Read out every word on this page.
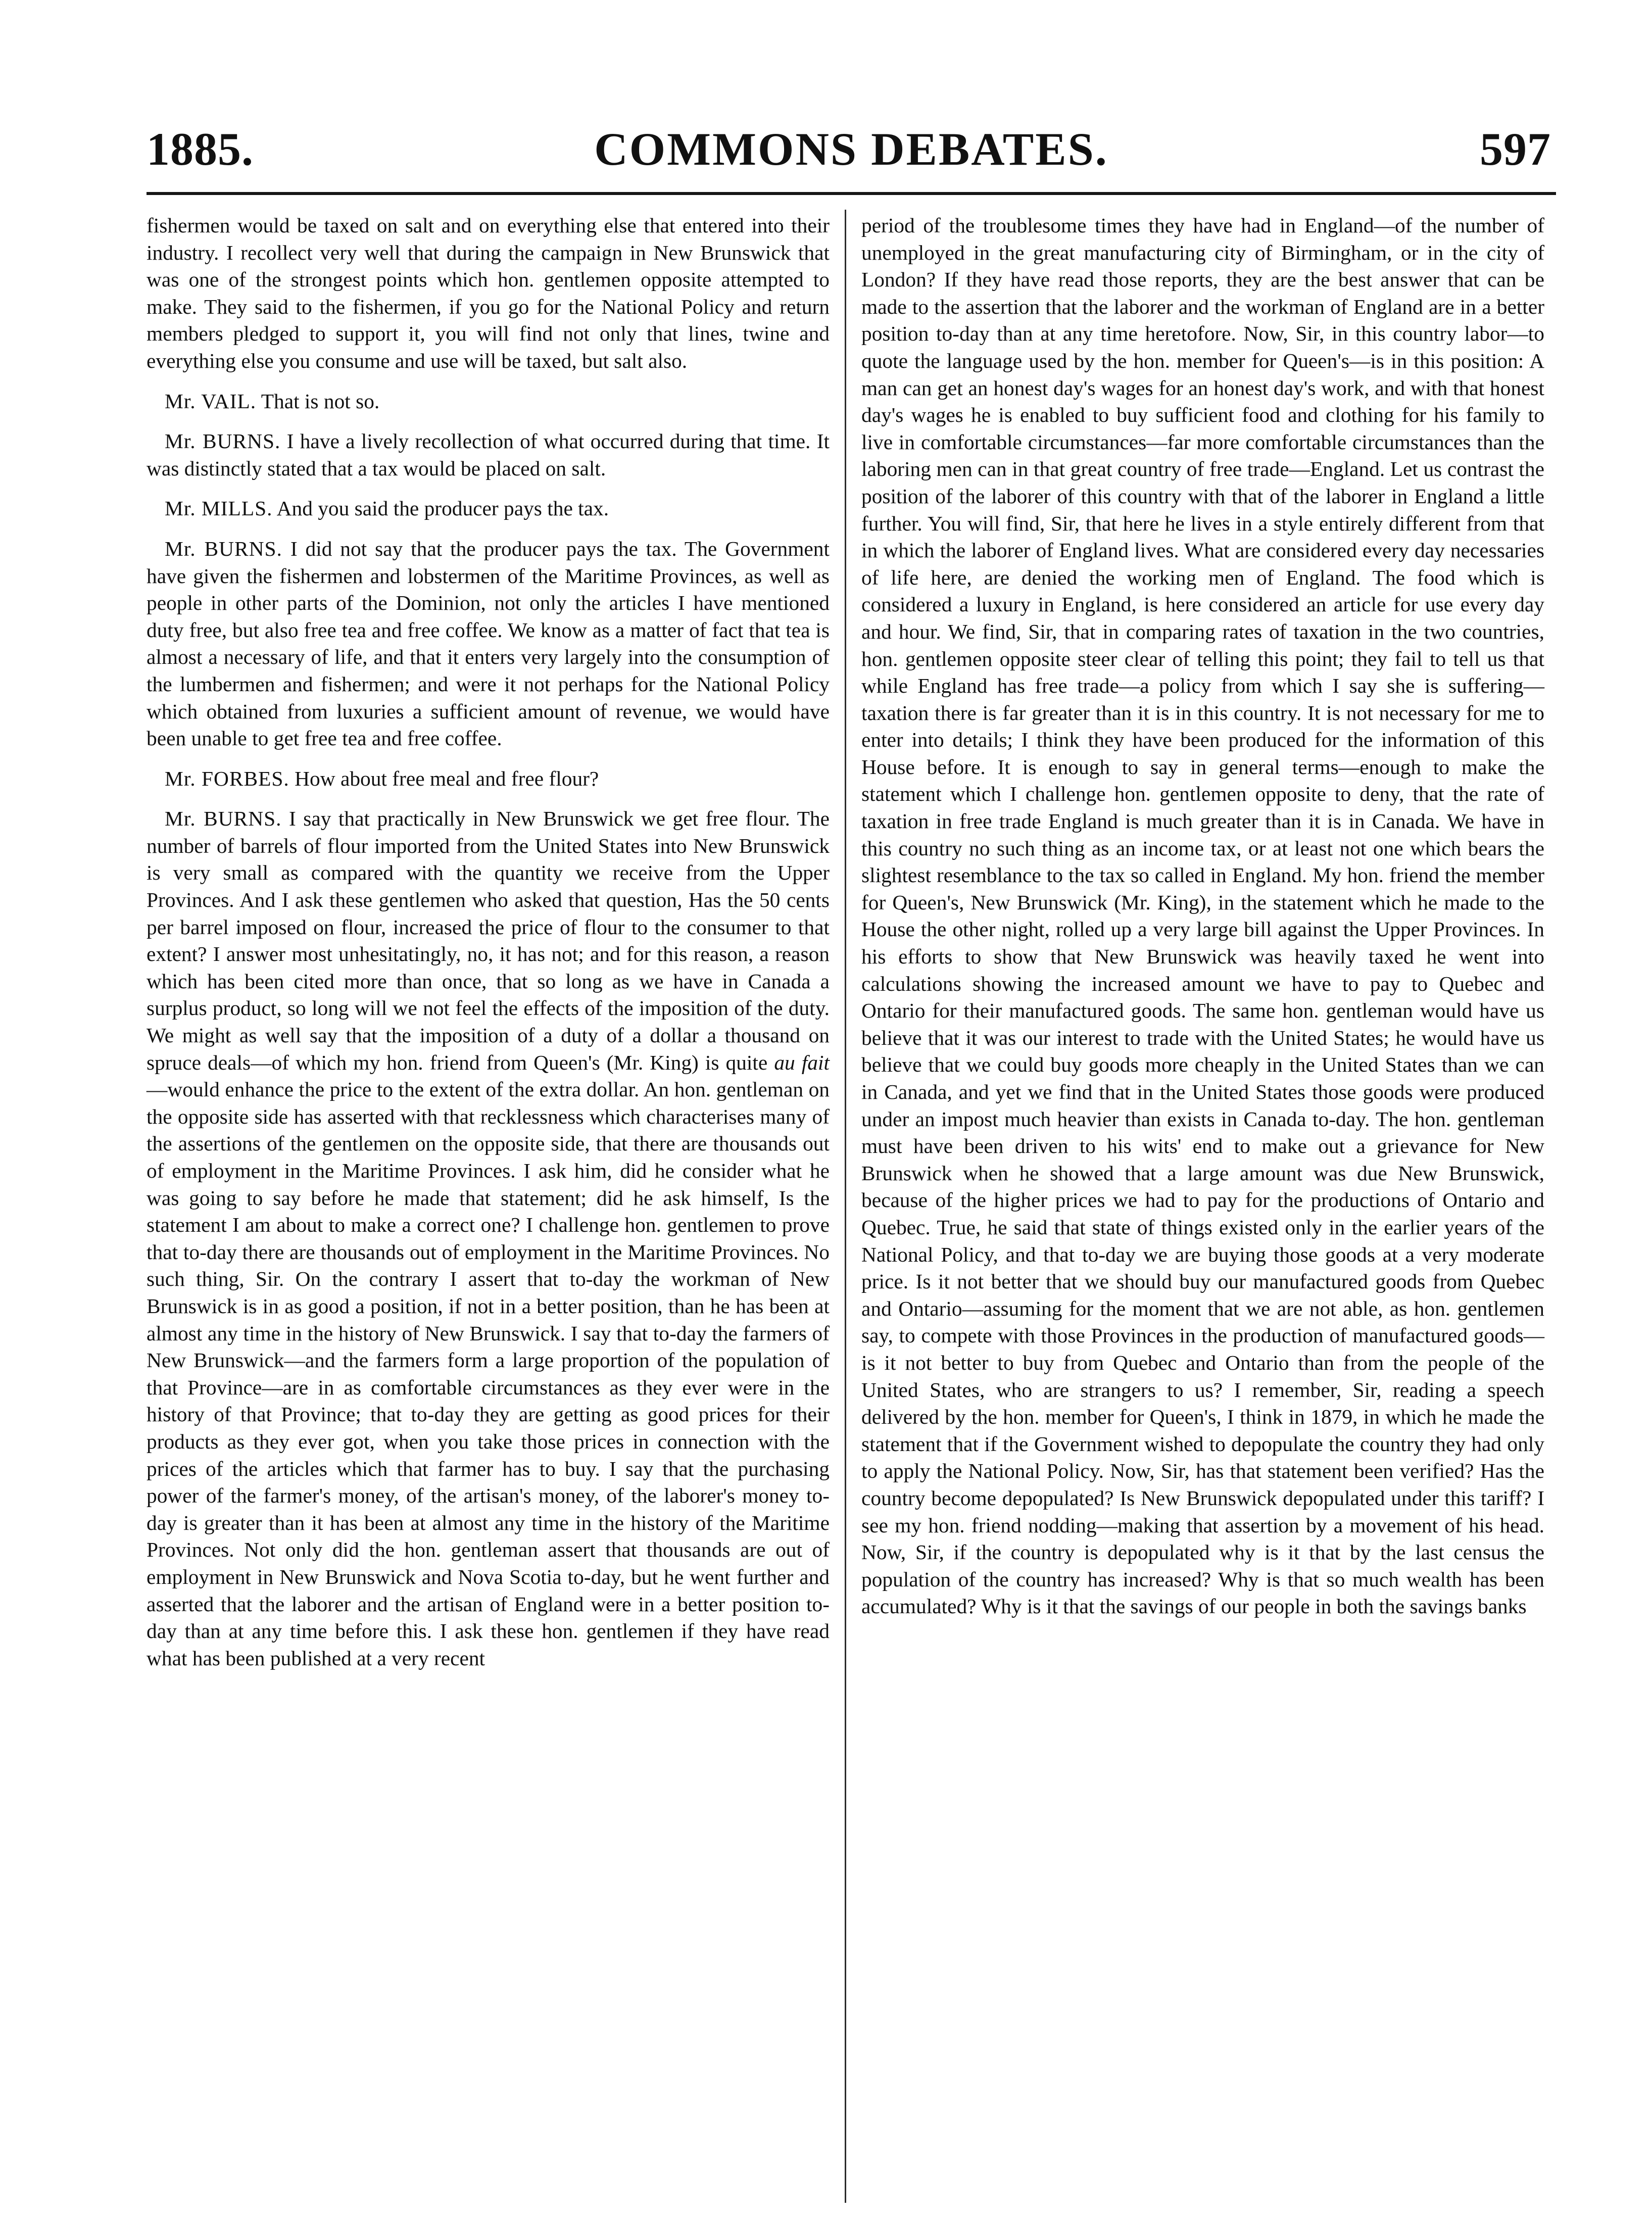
1885.	COMMONS DEBATES.	597

fishermen would be taxed on salt and on everything else that entered into their industry. I recollect very well that during the campaign in New Brunswick that was one of the strongest points which hon. gentlemen opposite attempted to make. They said to the fishermen, if you go for the National Policy and return members pledged to support it, you will find not only that lines, twine and everything else you consume and use will be taxed, but salt also.

Mr. VAIL. That is not so.

Mr. BURNS. I have a lively recollection of what occurred during that time. It was distinctly stated that a tax would be placed on salt.

Mr. MILLS. And you said the producer pays the tax.

Mr. BURNS. I did not say that the producer pays the tax. The Government have given the fishermen and lobstermen of the Maritime Provinces, as well as people in other parts of the Dominion, not only the articles I have mentioned duty free, but also free tea and free coffee. We know as a matter of fact that tea is almost a necessary of life, and that it enters very largely into the consumption of the lumbermen and fishermen; and were it not perhaps for the National Policy which obtained from luxuries a sufficient amount of revenue, we would have been unable to get free tea and free coffee.

Mr. FORBES. How about free meal and free flour?

Mr. BURNS. I say that practically in New Brunswick we get free flour. The number of barrels of flour imported from the United States into New Brunswick is very small as compared with the quantity we receive from the Upper Provinces. And I ask these gentlemen who asked that question, Has the 50 cents per barrel imposed on flour, increased the price of flour to the consumer to that extent? I answer most unhesitatingly, no, it has not; and for this reason, a reason which has been cited more than once, that so long as we have in Canada a surplus product, so long will we not feel the effects of the imposition of the duty. We might as well say that the imposition of a duty of a dollar a thousand on spruce deals—of which my hon. friend from Queen's (Mr. King) is quite au fait—would enhance the price to the extent of the extra dollar. An hon. gentleman on the opposite side has asserted with that recklessness which characterises many of the assertions of the gentlemen on the opposite side, that there are thousands out of employment in the Maritime Provinces. I ask him, did he consider what he was going to say before he made that statement; did he ask himself, Is the statement I am about to make a correct one? I challenge hon. gentlemen to prove that to-day there are thousands out of employment in the Maritime Provinces. No such thing, Sir. On the contrary I assert that to-day the workman of New Brunswick is in as good a position, if not in a better position, than he has been at almost any time in the history of New Brunswick. I say that to-day the farmers of New Brunswick—and the farmers form a large proportion of the population of that Province—are in as comfortable circumstances as they ever were in the history of that Province; that to-day they are getting as good prices for their products as they ever got, when you take those prices in connection with the prices of the articles which that farmer has to buy. I say that the purchasing power of the farmer's money, of the artisan's money, of the laborer's money to-day is greater than it has been at almost any time in the history of the Maritime Provinces. Not only did the hon. gentleman assert that thousands are out of employment in New Brunswick and Nova Scotia to-day, but he went further and asserted that the laborer and the artisan of England were in a better position to-day than at any time before this. I ask these hon. gentlemen if they have read what has been published at a very recent

period of the troublesome times they have had in England—of the number of unemployed in the great manufacturing city of Birmingham, or in the city of London? If they have read those reports, they are the best answer that can be made to the assertion that the laborer and the workman of England are in a better position to-day than at any time heretofore. Now, Sir, in this country labor—to quote the language used by the hon. member for Queen's—is in this position: A man can get an honest day's wages for an honest day's work, and with that honest day's wages he is enabled to buy sufficient food and clothing for his family to live in comfortable circumstances—far more comfortable circumstances than the laboring men can in that great country of free trade—England. Let us contrast the position of the laborer of this country with that of the laborer in England a little further. You will find, Sir, that here he lives in a style entirely different from that in which the laborer of England lives. What are considered every day necessaries of life here, are denied the working men of England. The food which is considered a luxury in England, is here considered an article for use every day and hour. We find, Sir, that in comparing rates of taxation in the two countries, hon. gentlemen opposite steer clear of telling this point; they fail to tell us that while England has free trade—a policy from which I say she is suffering—taxation there is far greater than it is in this country. It is not necessary for me to enter into details; I think they have been produced for the information of this House before. It is enough to say in general terms—enough to make the statement which I challenge hon. gentlemen opposite to deny, that the rate of taxation in free trade England is much greater than it is in Canada. We have in this country no such thing as an income tax, or at least not one which bears the slightest resemblance to the tax so called in England. My hon. friend the member for Queen's, New Brunswick (Mr. King), in the statement which he made to the House the other night, rolled up a very large bill against the Upper Provinces. In his efforts to show that New Brunswick was heavily taxed he went into calculations showing the increased amount we have to pay to Quebec and Ontario for their manufactured goods. The same hon. gentleman would have us believe that it was our interest to trade with the United States; he would have us believe that we could buy goods more cheaply in the United States than we can in Canada, and yet we find that in the United States those goods were produced under an impost much heavier than exists in Canada to-day. The hon. gentleman must have been driven to his wits' end to make out a grievance for New Brunswick when he showed that a large amount was due New Brunswick, because of the higher prices we had to pay for the productions of Ontario and Quebec. True, he said that state of things existed only in the earlier years of the National Policy, and that to-day we are buying those goods at a very moderate price. Is it not better that we should buy our manufactured goods from Quebec and Ontario—assuming for the moment that we are not able, as hon. gentlemen say, to compete with those Provinces in the production of manufactured goods—is it not better to buy from Quebec and Ontario than from the people of the United States, who are strangers to us? I remember, Sir, reading a speech delivered by the hon. member for Queen's, I think in 1879, in which he made the statement that if the Government wished to depopulate the country they had only to apply the National Policy. Now, Sir, has that statement been verified? Has the country become depopulated? Is New Brunswick depopulated under this tariff? I see my hon. friend nodding—making that assertion by a movement of his head. Now, Sir, if the country is depopulated why is it that by the last census the population of the country has increased? Why is that so much wealth has been accumulated? Why is it that the savings of our people in both the savings banks
